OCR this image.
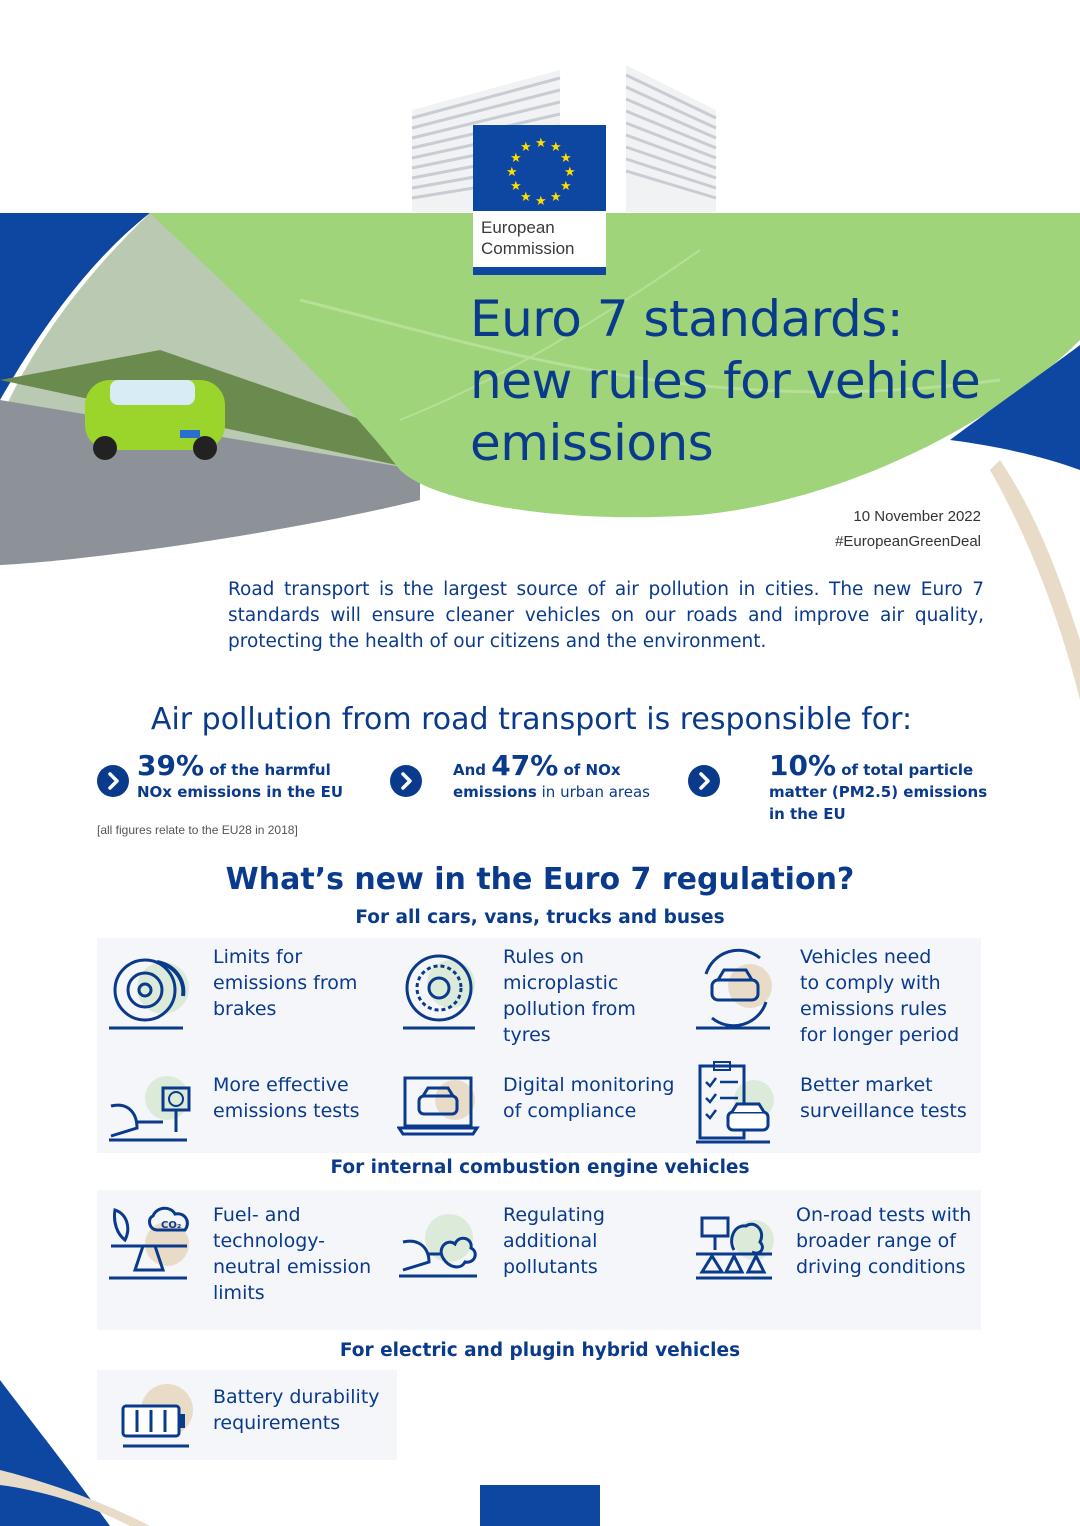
★ ★
★
★
★
★
★
★
★
★
★
★
European
Commission
Euro 7 standards:
new rules for vehicle
emissions
10 November 2022
#EuropeanGreenDeal

Road transport is the largest source of air pollution in cities. The new Euro 7 standards will ensure cleaner vehicles on our roads and improve air quality, protecting the health of our citizens and the environment.

Air pollution from road transport is responsible for:
39% of the harmful
NOx emissions in the EU
And 47% of NOx
emissions in urban areas
10% of total particle
matter (PM2.5) emissions
in the EU
[all figures relate to the EU28 in 2018]
What’s new in the Euro 7 regulation?
For all cars, vans, trucks and buses
For internal combustion engine vehicles
For electric and plugin hybrid vehicles
Limits for
emissions from
brakes
Rules on
microplastic
pollution from
tyres
Vehicles need
to comply with
emissions rules
for longer period
More effective
emissions tests
Digital monitoring
of compliance
Better market
surveillance tests
CO₂ Fuel- and
technology-
neutral emission
limits
Regulating
additional
pollutants
On-road tests with
broader range of
driving conditions
Battery durability
requirements
